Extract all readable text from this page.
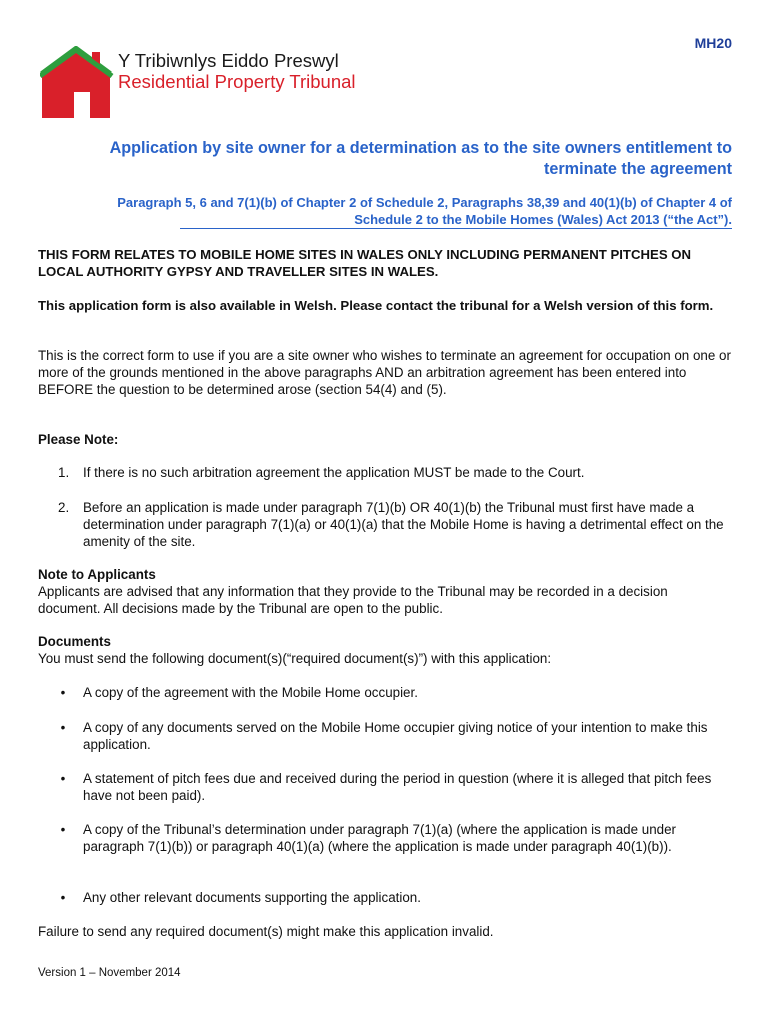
Y Tribiwnlys Eiddo Preswyl
Residential Property Tribunal
MH20
Application by site owner for a determination as to the site owners entitlement to terminate the agreement
Paragraph 5, 6 and 7(1)(b) of Chapter 2 of Schedule 2, Paragraphs 38,39 and 40(1)(b) of Chapter 4 of Schedule 2 to the Mobile Homes (Wales) Act 2013 (“the Act”).
THIS FORM RELATES TO MOBILE HOME SITES IN WALES ONLY INCLUDING PERMANENT PITCHES ON LOCAL AUTHORITY GYPSY AND TRAVELLER SITES IN WALES.
This application form is also available in Welsh. Please contact the tribunal for a Welsh version of this form.
This is the correct form to use if you are a site owner who wishes to terminate an agreement for occupation on one or more of the grounds mentioned in the above paragraphs AND an arbitration agreement has been entered into BEFORE the question to be determined arose (section 54(4) and (5).
Please Note:
1. If there is no such arbitration agreement the application MUST be made to the Court.
2. Before an application is made under paragraph 7(1)(b) OR 40(1)(b) the Tribunal must first have made a determination under paragraph 7(1)(a) or 40(1)(a) that the Mobile Home is having a detrimental effect on the amenity of the site.
Note to Applicants
Applicants are advised that any information that they provide to the Tribunal may be recorded in a decision document. All decisions made by the Tribunal are open to the public.
Documents
You must send the following document(s)(“required document(s)”) with this application:
• A copy of the agreement with the Mobile Home occupier.
• A copy of any documents served on the Mobile Home occupier giving notice of your intention to make this application.
• A statement of pitch fees due and received during the period in question (where it is alleged that pitch fees have not been paid).
• A copy of the Tribunal’s determination under paragraph 7(1)(a) (where the application is made under paragraph 7(1)(b)) or paragraph 40(1)(a) (where the application is made under paragraph 40(1)(b)).
• Any other relevant documents supporting the application.
Failure to send any required document(s) might make this application invalid.
Version 1 – November 2014
